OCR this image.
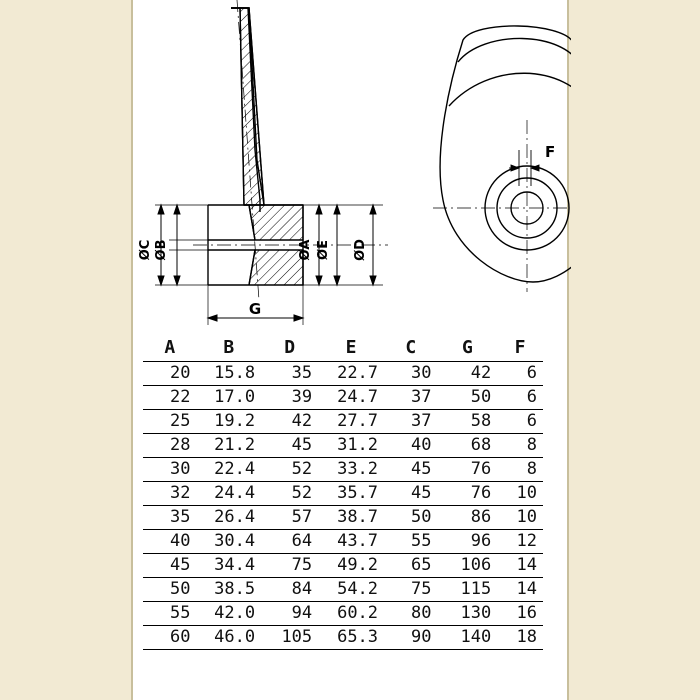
ØC ØB	ØA ØE ØD
G
F
A	B	D	E	C	G	F
20	15.8	35	22.7	30	42	6
22	17.0	39	24.7	37	50	6
25	19.2	42	27.7	37	58	6
28	21.2	45	31.2	40	68	8
30	22.4	52	33.2	45	76	8
32	24.4	52	35.7	45	76	10
35	26.4	57	38.7	50	86	10
40	30.4	64	43.7	55	96	12
45	34.4	75	49.2	65	106	14
50	38.5	84	54.2	75	115	14
55	42.0	94	60.2	80	130	16
60	46.0	105	65.3	90	140	18
